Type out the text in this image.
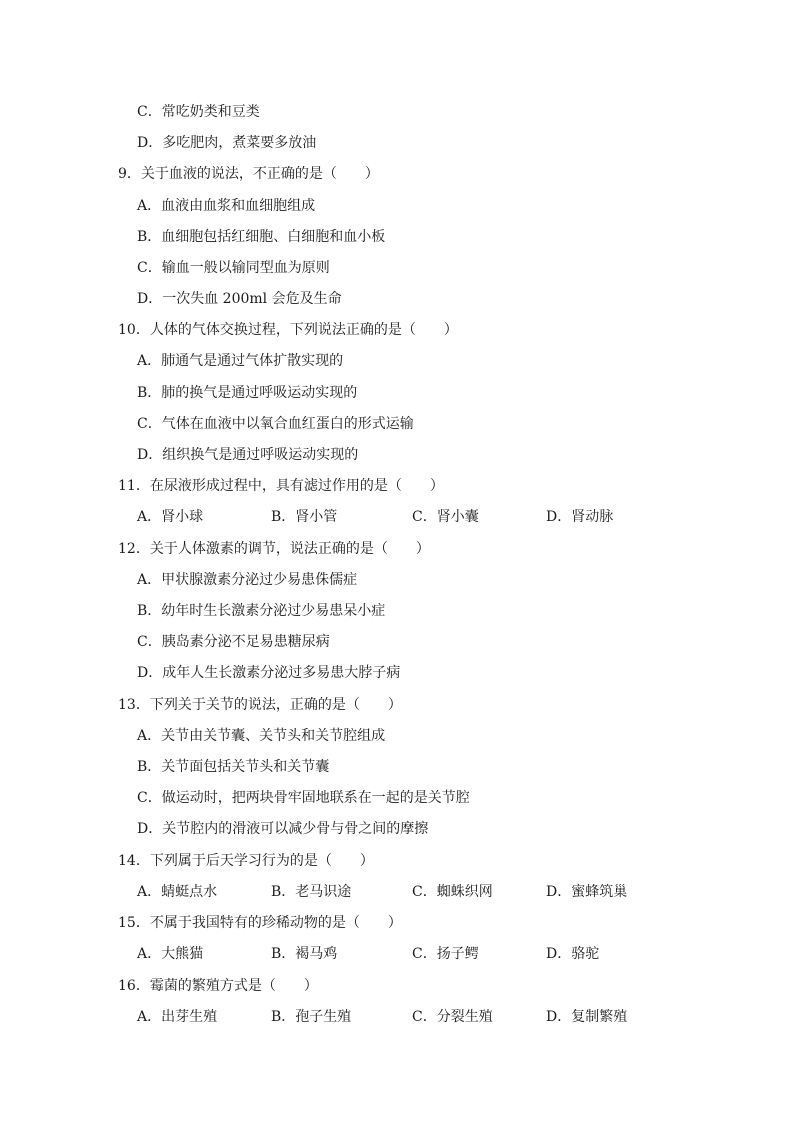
C．常吃奶类和豆类
D．多吃肥肉，煮菜要多放油
9．关于血液的说法，不正确的是（　　）
A．血液由血浆和血细胞组成
B．血细胞包括红细胞、白细胞和血小板
C．输血一般以输同型血为原则
D．一次失血 200ml 会危及生命
10．人体的气体交换过程，下列说法正确的是（　　）
A．肺通气是通过气体扩散实现的
B．肺的换气是通过呼吸运动实现的
C．气体在血液中以氧合血红蛋白的形式运输
D．组织换气是通过呼吸运动实现的
11．在尿液形成过程中，具有滤过作用的是（　　）
A．肾小球	B．肾小管	C．肾小囊	D．肾动脉
12．关于人体激素的调节，说法正确的是（　　）
A．甲状腺激素分泌过少易患侏儒症
B．幼年时生长激素分泌过少易患呆小症
C．胰岛素分泌不足易患糖尿病
D．成年人生长激素分泌过多易患大脖子病
13．下列关于关节的说法，正确的是（　　）
A．关节由关节囊、关节头和关节腔组成
B．关节面包括关节头和关节囊
C．做运动时，把两块骨牢固地联系在一起的是关节腔
D．关节腔内的滑液可以减少骨与骨之间的摩擦
14．下列属于后天学习行为的是（　　）
A．蜻蜓点水	B．老马识途	C．蜘蛛织网	D．蜜蜂筑巢
15．不属于我国特有的珍稀动物的是（　　）
A．大熊猫	B．褐马鸡	C．扬子鳄	D．骆驼
16．霉菌的繁殖方式是（　　）
A．出芽生殖	B．孢子生殖	C．分裂生殖	D．复制繁殖
